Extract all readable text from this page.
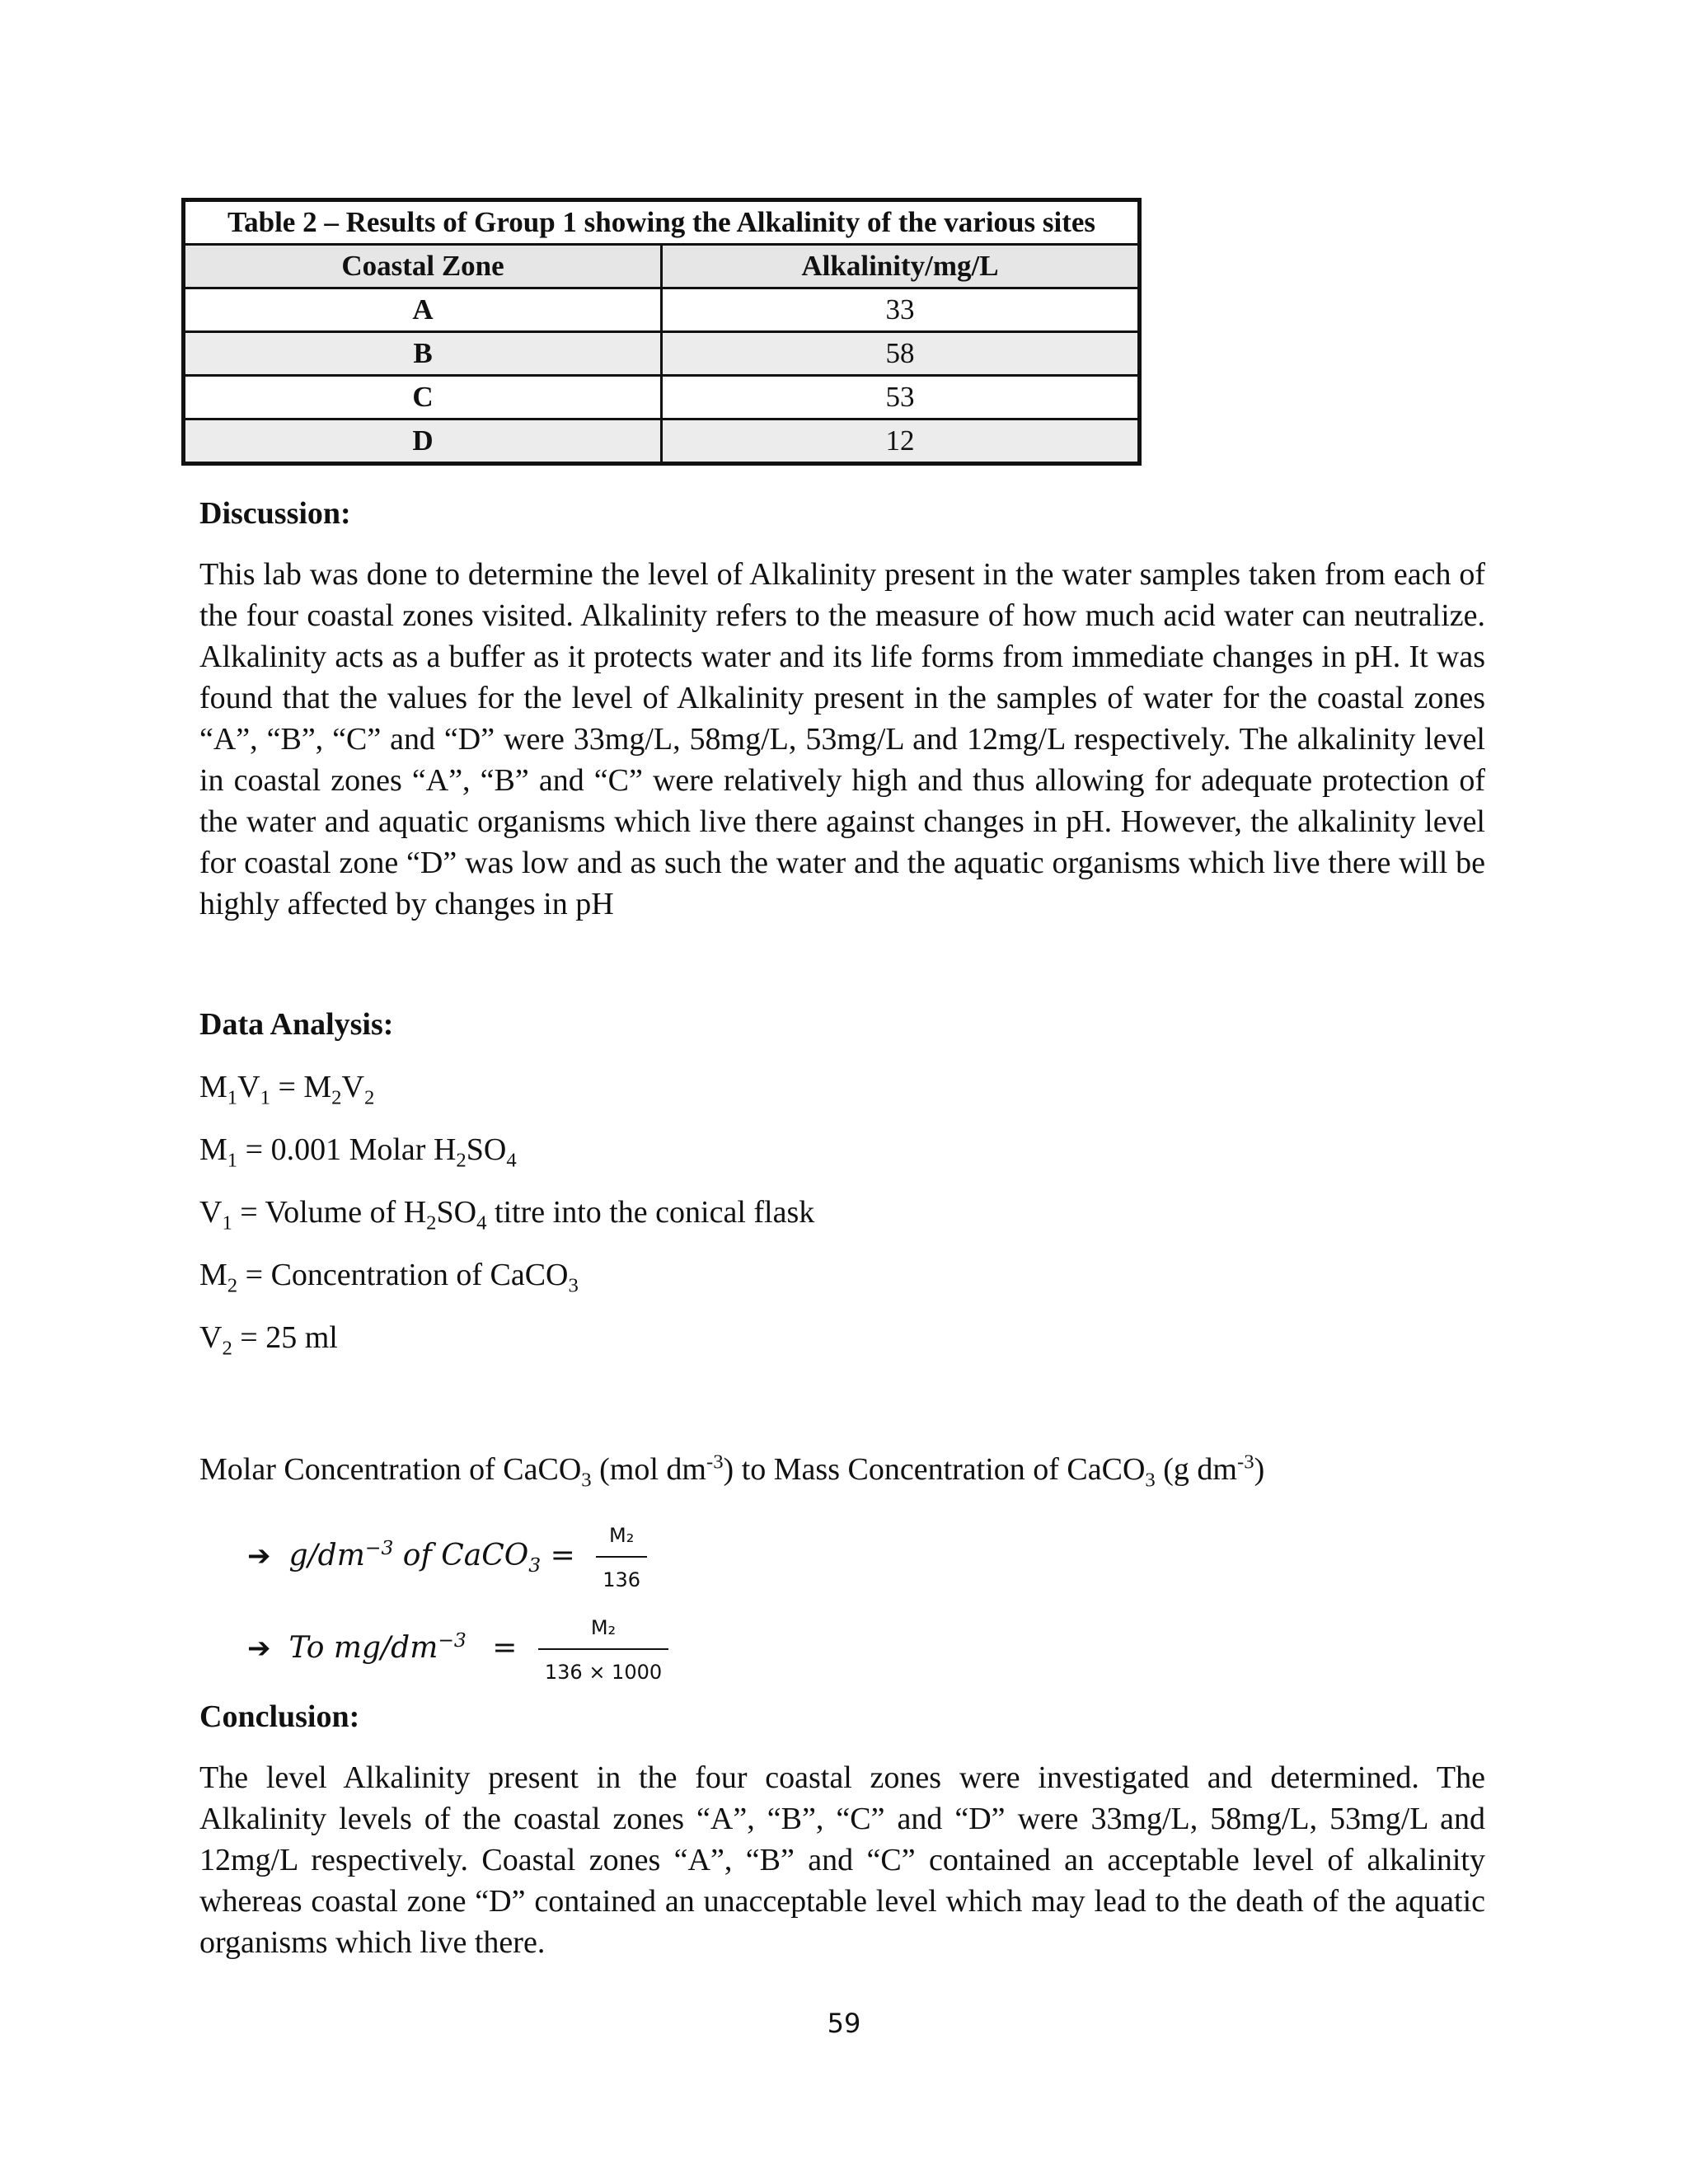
Table 2 – Results of Group 1 showing the Alkalinity of the various sites	
Coastal Zone	Alkalinity/mg/L
A	33
B	58
C	53
D	12
Discussion:
This lab was done to determine the level of Alkalinity present in the water samples taken from each of the four coastal zones visited. Alkalinity refers to the measure of how much acid water can neutralize. Alkalinity acts as a buffer as it protects water and its life forms from immediate changes in pH. It was found that the values for the level of Alkalinity present in the samples of water for the coastal zones “A”, “B”, “C” and “D” were 33mg/L, 58mg/L, 53mg/L and 12mg/L respectively. The alkalinity level in coastal zones “A”, “B” and “C” were relatively high and thus allowing for adequate protection of the water and aquatic organisms which live there against changes in pH. However, the alkalinity level for coastal zone “D” was low and as such the water and the aquatic organisms which live there will be highly affected by changes in pH
Data Analysis:
$M_1V_1 = M_2V_2$
$M_1 = 0.001$ Molar $H_2SO_4$
$V_1$ = Volume of $H_2SO_4$ titre into the conical flask
$M_2$ = Concentration of CaCO$_3$
$V_2 = 25$ ml
Molar Concentration of CaCO$_3$ (mol $dm^{-3}$) to Mass Concentration of CaCO$_3$ (g $dm^{-3}$)
➔ $g/dm^{-3}$ of CaCO$_3$ = $\frac{\text{M₂}}{136}$
➔ To $mg/dm^{-3} = \frac{\text{M₂}}{136 \times 1000}$
Conclusion:
The level Alkalinity present in the four coastal zones were investigated and determined. The Alkalinity levels of the coastal zones “A”, “B”, “C” and “D” were 33mg/L, 58mg/L, 53mg/L and 12mg/L respectively. Coastal zones “A”, “B” and “C” contained an acceptable level of alkalinity whereas coastal zone “D” contained an unacceptable level which may lead to the death of the aquatic organisms which live there.
59
